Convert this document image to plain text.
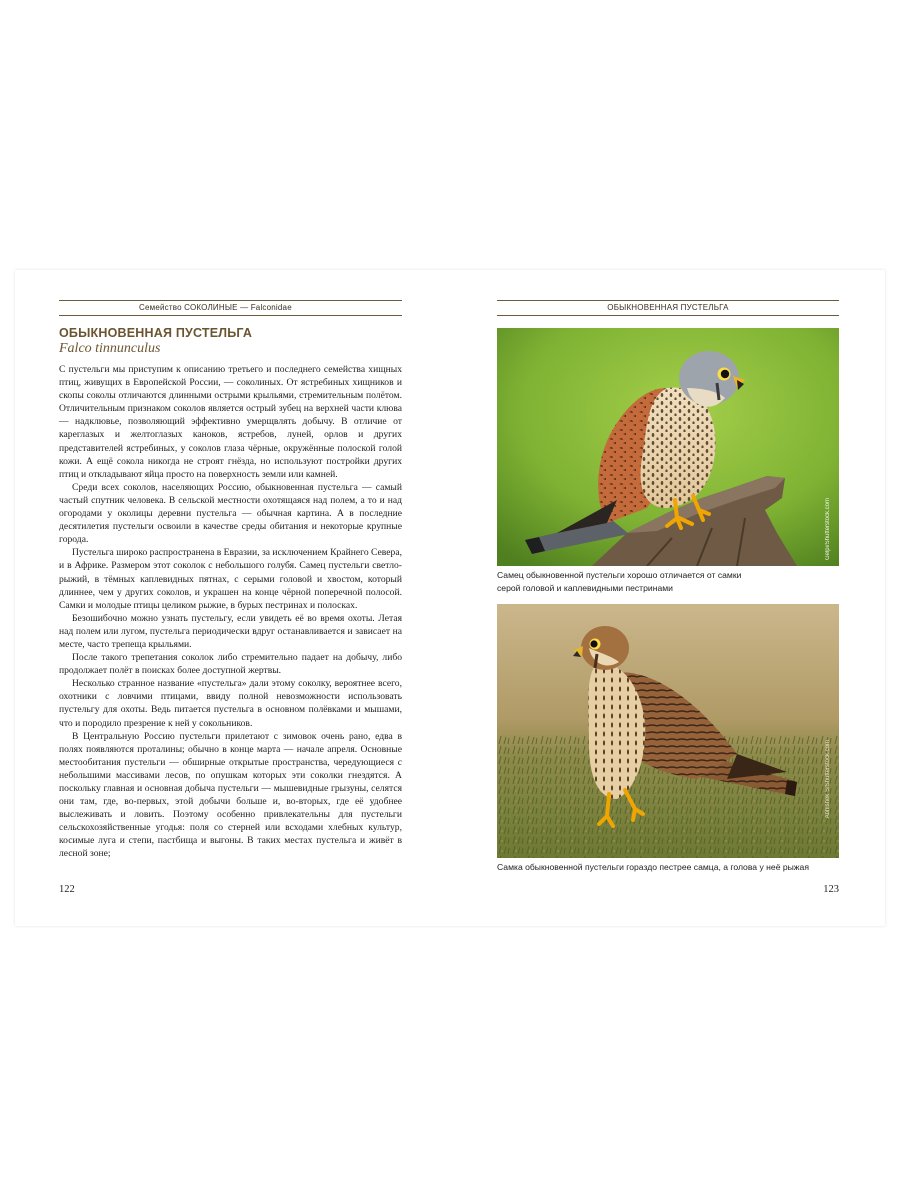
Семейство СОКОЛИНЫЕ — Falconidae
ОБЫКНОВЕННАЯ ПУСТЕЛЬГА
Falco tinnunculus

С пустельги мы приступим к описанию третьего и последнего семейства хищных птиц, живущих в Европейской России, — соколиных. От ястребиных хищников и скопы соколы отличаются длинными острыми крыльями, стремительным полётом. Отличительным признаком соколов является острый зубец на верхней части клюва — надклювье, позволяющий эффективно умерщвлять добычу. В отличие от карeглазых и желтоглазых каноков, ястребов, луней, орлов и других представителей ястребиных, у соколов глаза чёрные, окружённые полоской голой кожи. А ещё сокола никогда не строят гнёзда, но используют постройки других птиц и откладывают яйца просто на поверхность земли или камней.

Среди всех соколов, населяющих Россию, обыкновенная пустельга — самый частый спутник человека. В сельской местности охотящаяся над полем, а то и над огородами у околицы деревни пустельга — обычная картина. А в последние десятилетия пустельги освоили в качестве среды обитания и некоторые крупные города.

Пустельга широко распространена в Евразии, за исключением Крайнего Севера, и в Африке. Размером этот соколок с небольшого голубя. Самец пустельги светло-рыжий, в тёмных каплевидных пятнах, с серыми головой и хвостом, который длиннее, чем у других соколов, и украшен на конце чёрной поперечной полосой. Самки и молодые птицы целиком рыжие, в бурых пестринах и полосках.

Безошибочно можно узнать пустельгу, если увидеть её во время охоты. Летая над полем или лугом, пустельга периодически вдруг останавливается и зависает на месте, часто трепеща крыльями.

После такого трепетания соколок либо стремительно падает на добычу, либо продолжает полёт в поисках более доступной жертвы.

Несколько странное название «пустельга» дали этому соколку, вероятнее всего, охотники с ловчими птицами, ввиду полной невозможности использовать пустельгу для охоты. Ведь питается пустельга в основном полёвками и мышами, что и породило презрение к ней у сокольников.

В Центральную Россию пустельги прилетают с зимовок очень рано, едва в полях появляются проталины; обычно в конце марта — начале апреля. Основные местообитания пустельги — обширные открытые пространства, чередующиеся с небольшими массивами лесов, по опушкам которых эти соколки гнездятся. А поскольку главная и основная добыча пустельги — мышевидные грызуны, селятся они там, где, во-первых, этой добычи больше и, во-вторых, где её удобнее выслеживать и ловить. Поэтому особенно привлекательны для пустельги сельскохозяйственные угодья: поля со стерней или всходами хлебных культур, косимые луга и степи, пастбища и выгоны. В таких местах пустельга и живёт в лесной зоне;

122
ОБЫКНОВЕННАЯ ПУСТЕЛЬГА
Gelpi/Shutterstock.com
Самец обыкновенной пустельги хорошо отличается от самки серой головой и каплевидными пестринами
Abhishek S/Shutterstock.com
Самка обыкновенной пустельги гораздо пестрее самца, а голова у неё рыжая
123
